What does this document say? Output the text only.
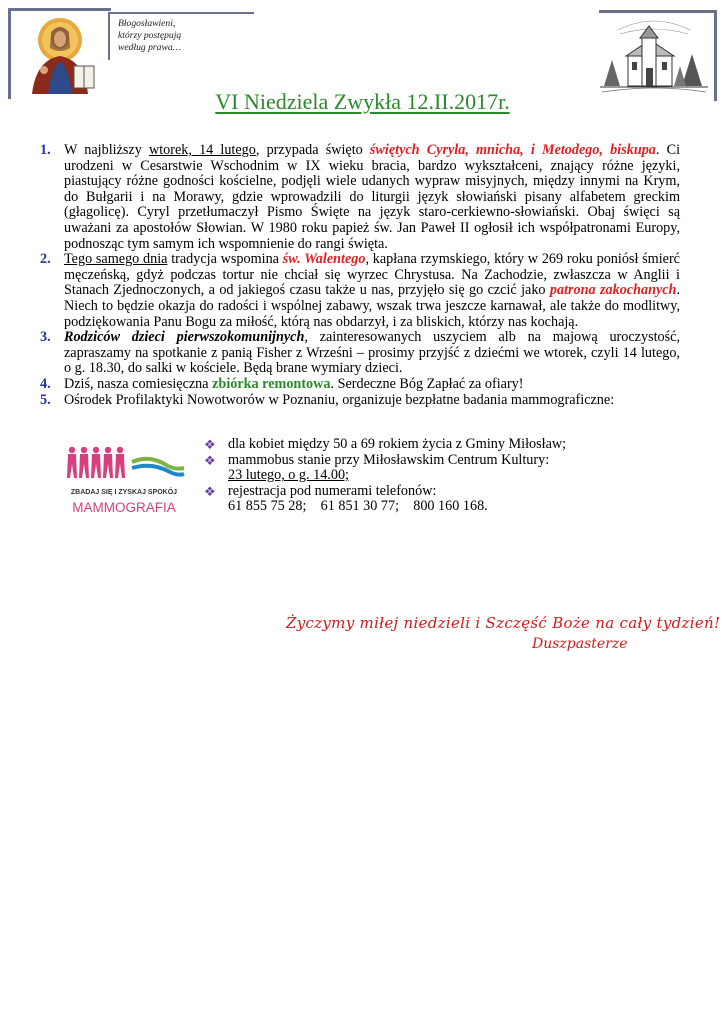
Błogosławieni,
którzy postępują
według prawa…
VI Niedziela Zwykła 12.II.2017r.
1. W najbliższy wtorek, 14 lutego, przypada święto świętych Cyryla, mnicha, i Metodego, biskupa. Ci urodzeni w Cesarstwie Wschodnim w IX wieku bracia, bardzo wykształceni, znający różne języki, piastujący różne godności kościelne, podjęli wiele udanych wypraw misyjnych, między innymi na Krym, do Bułgarii i na Morawy, gdzie wprowadzili do liturgii język słowiański pisany alfabetem greckim (głagolicę). Cyryl przetłumaczył Pismo Święte na język staro-cerkiewno-słowiański. Obaj święci są uważani za apostołów Słowian. W 1980 roku papież św. Jan Paweł II ogłosił ich współpatronami Europy, podnosząc tym samym ich wspomnienie do rangi święta.
2. Tego samego dnia tradycja wspomina św. Walentego, kapłana rzymskiego, który w 269 roku poniósł śmierć męczeńską, gdyż podczas tortur nie chciał się wyrzec Chrystusa. Na Zachodzie, zwłaszcza w Anglii i Stanach Zjednoczonych, a od jakiegoś czasu także u nas, przyjęło się go czcić jako patrona zakochanych. Niech to będzie okazja do radości i wspólnej zabawy, wszak trwa jeszcze karnawał, ale także do modlitwy, podziękowania Panu Bogu za miłość, którą nas obdarzył, i za bliskich, którzy nas kochają.
3. Rodziców dzieci pierwszokomunijnych, zainteresowanych uszyciem alb na majową uroczystość, zapraszamy na spotkanie z panią Fisher z Wrześni – prosimy przyjść z dziećmi we wtorek, czyli 14 lutego, o g. 18.30, do salki w kościele. Będą brane wymiary dzieci.
4. Dziś, nasza comiesięczna zbiórka remontowa. Serdeczne Bóg Zapłać za ofiary!
5. Ośrodek Profilaktyki Nowotworów w Poznaniu, organizuje bezpłatne badania mammograficzne:
ZBADAJ SIĘ I ZYSKAJ SPOKÓJ
MAMMOGRAFIA
❖ dla kobiet między 50 a 69 rokiem życia z Gminy Miłosław;
❖ mammobus stanie przy Miłosławskim Centrum Kultury:
23 lutego, o g. 14.00;
❖ rejestracja pod numerami telefonów:
61 855 75 28;    61 851 30 77;    800 160 168.
Życzymy miłej niedzieli i Szczęść Boże na cały tydzień!
Duszpasterze
